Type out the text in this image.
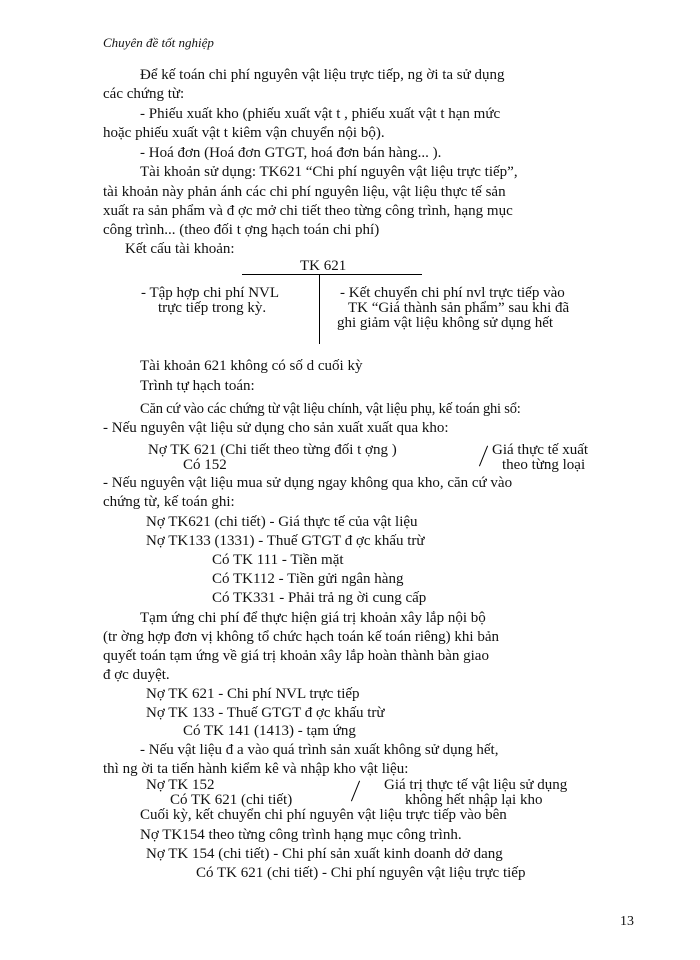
Chuyên đề tốt nghiệp
Để kế toán chi phí nguyên vật liệu trực tiếp, ng ời ta sử dụng
các chứng từ:
- Phiếu xuất kho (phiếu xuất vật t , phiếu xuất vật t hạn mức
hoặc phiếu xuất vật t kiêm vận chuyển nội bộ).
- Hoá đơn (Hoá đơn GTGT, hoá đơn bán hàng... ).
Tài khoản sử dụng: TK621 “Chi phí nguyên vật liệu trực tiếp”,
tài khoản này phản ánh các chi phí nguyên liệu, vật liệu thực tế sản
xuất ra sản phẩm và đ ợc mở chi tiết theo từng công trình, hạng mục
công trình... (theo đối t ợng hạch toán chi phí)
Kết cấu tài khoản:
TK 621
- Tập hợp chi phí NVL
trực tiếp trong kỳ.
- Kết chuyển chi phí nvl trực tiếp vào
TK “Giá thành sản phẩm” sau khi đã
ghi giảm vật liệu không sử dụng hết
Tài khoản 621 không có số d cuối kỳ
Trình tự hạch toán:
Căn cứ vào các chứng từ vật liệu chính, vật liệu phụ, kế toán ghi sổ:
- Nếu nguyên vật liệu sử dụng cho sản xuất xuất qua kho:
Nợ TK 621 (Chi tiết theo từng đối t ợng )
Có 152
Giá thực tế xuất
theo từng loại
- Nếu nguyên vật liệu mua sử dụng ngay không qua kho, căn cứ vào
chứng từ, kế toán ghi:
Nợ TK621 (chi tiết) - Giá thực tế của vật liệu
Nợ TK133 (1331) - Thuế GTGT đ ợc khấu trừ
Có TK 111 - Tiền mặt
Có TK112 - Tiền gửi ngân hàng
Có TK331 - Phải trả ng ời cung cấp
Tạm ứng chi phí để thực hiện giá trị khoản xây lắp nội bộ
(tr ờng hợp đơn vị không tổ chức hạch toán kế toán riêng) khi bản
quyết toán tạm ứng về giá trị khoản xây lắp hoàn thành bàn giao
đ ợc duyệt.
Nợ TK 621 - Chi phí NVL trực tiếp
Nợ TK 133 - Thuế GTGT đ ợc khấu trừ
Có TK 141 (1413) - tạm ứng
- Nếu vật liệu đ a vào quá trình sản xuất không sử dụng hết,
thì ng ời ta tiến hành kiểm kê và nhập kho vật liệu:
Nợ TK 152
Có TK 621 (chi tiết)
Giá trị thực tế vật liệu sử dụng
không hết nhập lại kho
Cuối kỳ, kết chuyển chi phí nguyên vật liệu trực tiếp vào bên
Nợ TK154 theo từng công trình hạng mục công trình.
Nợ TK 154 (chi tiết) - Chi phí sản xuất kinh doanh dở dang
Có TK 621 (chi tiết) - Chi phí nguyên vật liệu trực tiếp
13
